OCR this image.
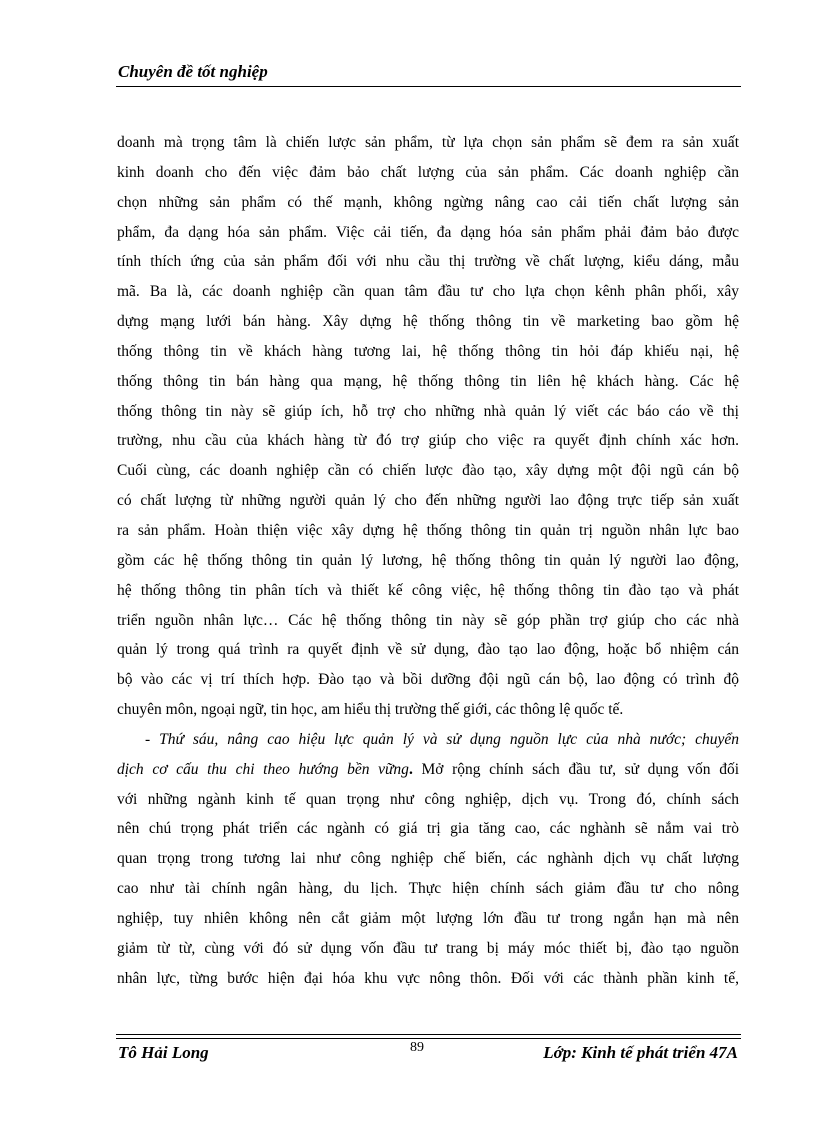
Chuyên đề tốt nghiệp
doanh mà trọng tâm là chiến lược sản phẩm, từ lựa chọn sản phẩm sẽ đem ra sản xuất
kinh doanh cho đến việc đảm bảo chất lượng của sản phẩm. Các doanh nghiệp cần
chọn những sản phẩm có thế mạnh, không ngừng nâng cao cải tiến chất lượng sản
phẩm, đa dạng hóa sản phẩm. Việc cải tiến, đa dạng hóa sản phẩm phải đảm bảo được
tính thích ứng của sản phẩm đối với nhu cầu thị trường về chất lượng, kiểu dáng, mẫu
mã. Ba là, các doanh nghiệp cần quan tâm đầu tư cho lựa chọn kênh phân phối, xây
dựng mạng lưới bán hàng. Xây dựng hệ thống thông tin về marketing bao gồm hệ
thống thông tin về khách hàng tương lai, hệ thống thông tin hỏi đáp khiếu nại, hệ
thống thông tin bán hàng qua mạng, hệ thống thông tin liên hệ khách hàng. Các hệ
thống thông tin này sẽ giúp ích, hỗ trợ cho những nhà quản lý viết các báo cáo về thị
trường, nhu cầu của khách hàng từ đó trợ giúp cho việc ra quyết định chính xác hơn.
Cuối cùng, các doanh nghiệp cần có chiến lược đào tạo, xây dựng một đội ngũ cán bộ
có chất lượng từ những người quản lý cho đến những người lao động trực tiếp sản xuất
ra sản phẩm. Hoàn thiện việc xây dựng hệ thống thông tin quản trị nguồn nhân lực bao
gồm các hệ thống thông tin quản lý lương, hệ thống thông tin quản lý người lao động,
hệ thống thông tin phân tích và thiết kế công việc, hệ thống thông tin đào tạo và phát
triển nguồn nhân lực… Các hệ thống thông tin này sẽ góp phần trợ giúp cho các nhà
quản lý trong quá trình ra quyết định về sử dụng, đào tạo lao động, hoặc bổ nhiệm cán
bộ vào các vị trí thích hợp. Đào tạo và bồi dưỡng đội ngũ cán bộ, lao động có trình độ
chuyên môn, ngoại ngữ, tin học, am hiểu thị trường thế giới, các thông lệ quốc tế.
- Thứ sáu, nâng cao hiệu lực quản lý và sử dụng nguồn lực của nhà nước; chuyển
dịch cơ cấu thu chi theo hướng bền vững. Mở rộng chính sách đầu tư, sử dụng vốn đối
với những ngành kinh tế quan trọng như công nghiệp, dịch vụ. Trong đó, chính sách
nên chú trọng phát triển các ngành có giá trị gia tăng cao, các nghành sẽ nắm vai trò
quan trọng trong tương lai như công nghiệp chế biến, các nghành dịch vụ chất lượng
cao như tài chính ngân hàng, du lịch. Thực hiện chính sách giảm đầu tư cho nông
nghiệp, tuy nhiên không nên cắt giảm một lượng lớn đầu tư trong ngắn hạn mà nên
giảm từ từ, cùng với đó sử dụng vốn đầu tư trang bị máy móc thiết bị, đào tạo nguồn
nhân lực, từng bước hiện đại hóa khu vực nông thôn. Đối với các thành phần kinh tế,
Tô Hải Long	89	Lớp: Kinh tế phát triển 47A
